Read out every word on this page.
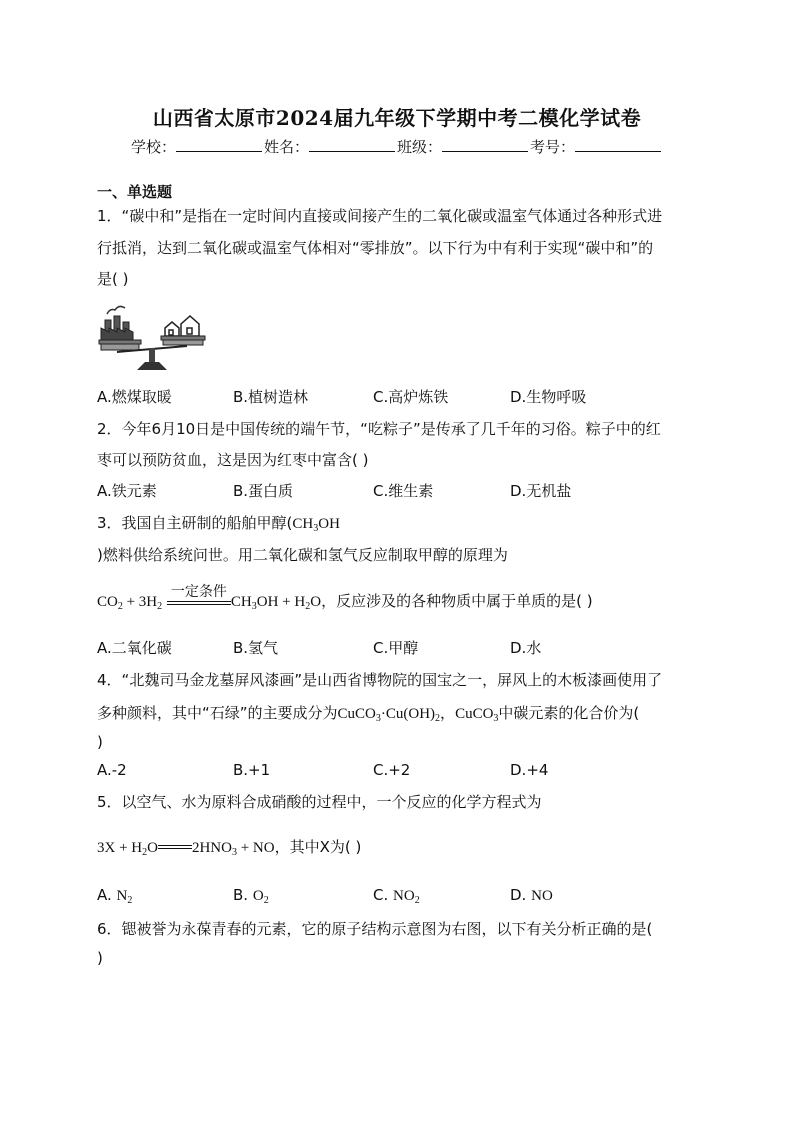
山西省太原市2024届九年级下学期中考二模化学试卷
学校：	姓名：	班级：	考号：
一、单选题
1．“碳中和”是指在一定时间内直接或间接产生的二氧化碳或温室气体通过各种形式进
行抵消，达到二氧化碳或温室气体相对“零排放”。以下行为中有利于实现“碳中和”的
是( )
A.燃煤取暖	B.植树造林	C.高炉炼铁	D.生物呼吸
2．今年6月10日是中国传统的端午节，“吃粽子”是传承了几千年的习俗。粽子中的红
枣可以预防贫血，这是因为红枣中富含( )
A.铁元素	B.蛋白质	C.维生素	D.无机盐
3．我国自主研制的船舶甲醇($CH_3OH$
)燃料供给系统问世。用二氧化碳和氢气反应制取甲醇的原理为
$CO_2 + 3H_2$
一定条件
$CH_3OH + H_2O$，反应涉及的各种物质中属于单质的是( )
A.二氧化碳	B.氢气	C.甲醇	D.水
4．“北魏司马金龙墓屏风漆画”是山西省博物院的国宝之一，屏风上的木板漆画使用了
多种颜料，其中“石绿”的主要成分为$CuCO_3\cdot Cu(OH)_2$，CuCO$_3$中碳元素的化合价为(
)
A.-2	B.+1	C.+2	D.+4
5．以空气、水为原料合成硝酸的过程中，一个反应的化学方程式为
$3X + H_2O$ $2HNO_3$ + NO，其中X为( )
A. $N_2$	B. $O_2$	C. $NO_2$	D. NO
6．锶被誉为永葆青春的元素，它的原子结构示意图为右图，以下有关分析正确的是(
)
